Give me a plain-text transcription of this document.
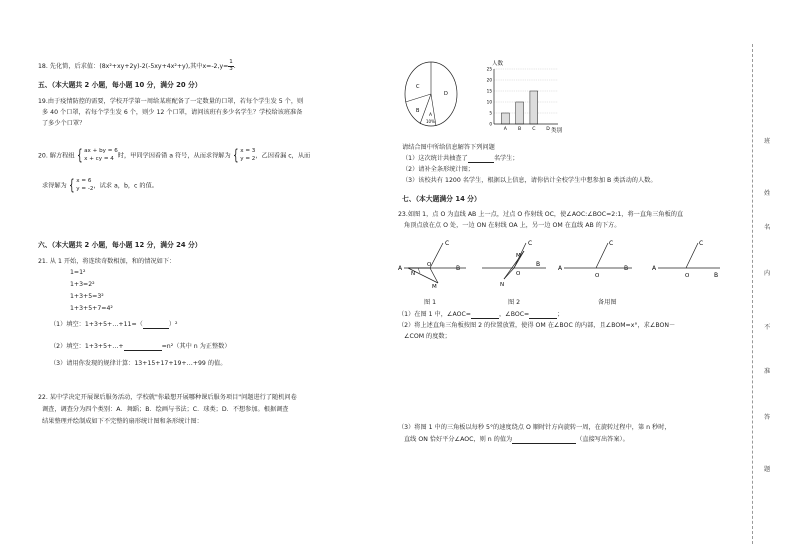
18. 先化简，后求值：(8x²+xy+2y)-2(-5xy+4x²+y),其中$x=-2,y= \frac{1}{3}$ .
五、（本大题共 2 小题，每小题 10 分，满分 20 分）
19.由于疫情防控的需要，学校开学第一周给某班配备了一定数量的口罩，若每个学生发 5 个，则
多 40 个口罩，若每个学生发 6 个，则少 12 个口罩，请问该班有多少名学生？学校给该班准备
了多少个口罩？
20. 解方程组 { ax + by = 6
x + cy = 4 时，甲同学因看错 a 符号，从而求得解为 { x = 3
y = 2 ，乙因看漏 c，从而
求得解为 { x = 6
y = -2 ，试求 a，b，c 的值。
六、（本大题共 2 小题，每小题 12 分，满分 24 分）
21. 从 1 开始，将连续奇数相加，和的情况如下：
1=1²
1+3=2²
1+3+5=3²
1+3+5+7=4²
（1）填空：1+3+5+…+11=（	）²
（2）填空：1+3+5+…+	=n²（其中 n 为正整数）
（3）请用你发现的规律计算：13+15+17+19+…+99 的值。
22. 某中学决定开展课后服务活动，学校就"你最想开展哪种课后服务项目"问题进行了随机问卷
调查，调查分为四个类别：A．舞蹈；B．绘画与书法；C．球类；D．不想参加。根据调查
结果整理并绘制成如下不完整的扇形统计图和条形统计图：
C
D
B
A
10%
人数
类别
0
5
10
15
20
25
A B C D
请结合图中所给信息解答下列问题
（1）这次统计共抽查了	名学生；
（2）请补全条形统计图；
（3）该校共有 1200 名学生，根据以上信息，请你估计全校学生中想参加 B 类活动的人数。
七、（本大题满分 14 分）
23.如图 1，点 O 为直线 AB 上一点，过点 O 作射线 OC，使∠AOC:∠BOC=2:1，将一直角三角板的直
角顶点放在点 O 处，一边 ON 在射线 OA 上，另一边 OM 在直线 AB 的下方。
A	B
C
O
N
M
C
M
N
O
B
A	B
C
O
A
B
C
O
图 1	图 2	备用图
（1）在图 1 中，∠AOC=	，∠BOC=	；
（2）将上述直角三角板按图 2 的位置放置，使得 OM 在∠BOC 的内部，且∠BOM=x°，求∠BON－
∠COM 的度数；
（3）将图 1 中的三角板以每秒 5°的速度绕点 O 顺时针方向旋转一周，在旋转过程中，第 n 秒时，
直线 ON 恰好平分∠AOC，则 n 的值为	（直接写出答案）。
班
姓
名
内
不
准
答
题
